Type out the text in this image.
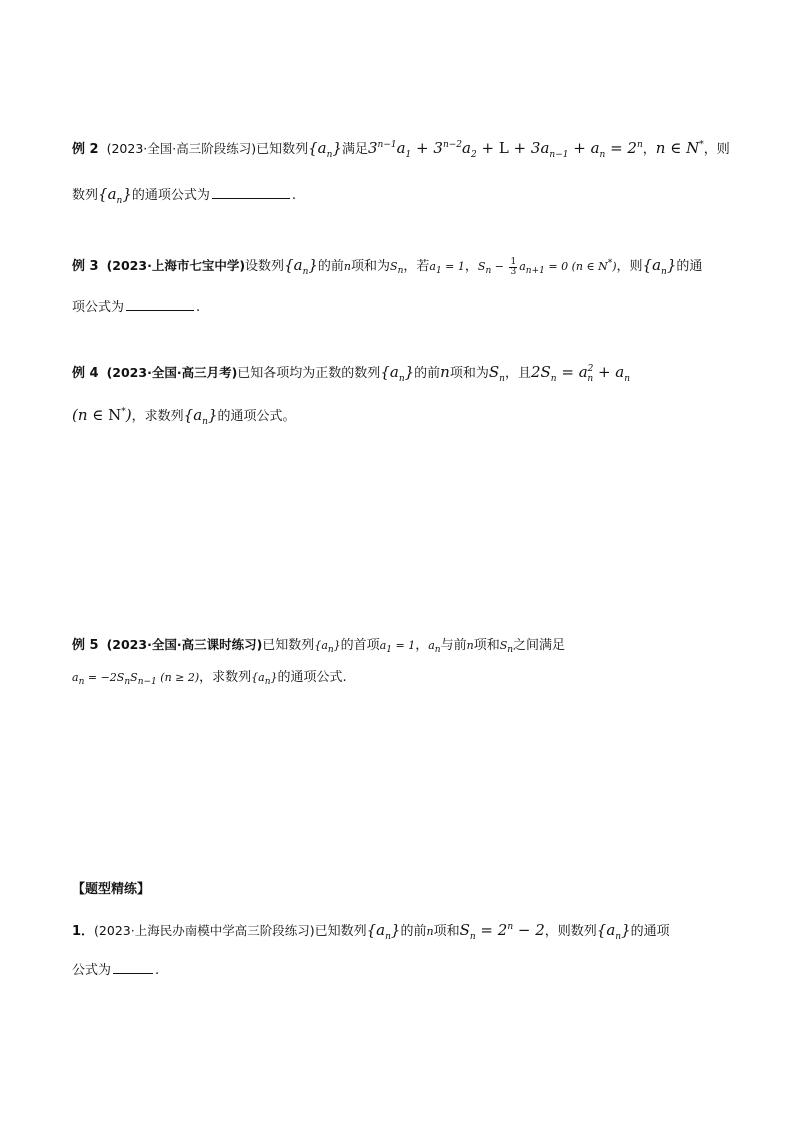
例 2 (2023·全国·高三阶段练习)已知数列$\{a_n\}$满足$3^{n-1}a_1 + 3^{n-2}a_2 + L + 3a_{n-1} + a_n = 2^n$，n ∈ N*，则
数列$\{a_n\}$的通项公式为	.
例 3 (2023·上海市七宝中学)设数列$\{a_n\}$的前n项和为$S_n$，若$a_1 = 1$，$S_n - \frac{1}{3} a_{n+1} = 0$ (n ∈ N*)，则$\{a_n\}$的通
项公式为	.
例 4 (2023·全国·高三月考)已知各项均为正数的数列$\{a_n\}$的前n项和为$S_n$，且$2S_n = a^2_n + a_n$
(n ∈ N*)，求数列$\{a_n\}$的通项公式。
例 5 (2023·全国·高三课时练习)已知数列$\{a_n\}$的首项$a_1 = 1$，$a_n$与前n项和$S_n$之间满足
$a_n = -2S_nS_{n-1}$ (n ≥ 2)，求数列$\{a_n\}$的通项公式.
【题型精练】
1．(2023·上海民办南模中学高三阶段练习)已知数列$\{a_n\}$的前n项和$S_n = 2^n - 2$，则数列$\{a_n\}$的通项
公式为	.
